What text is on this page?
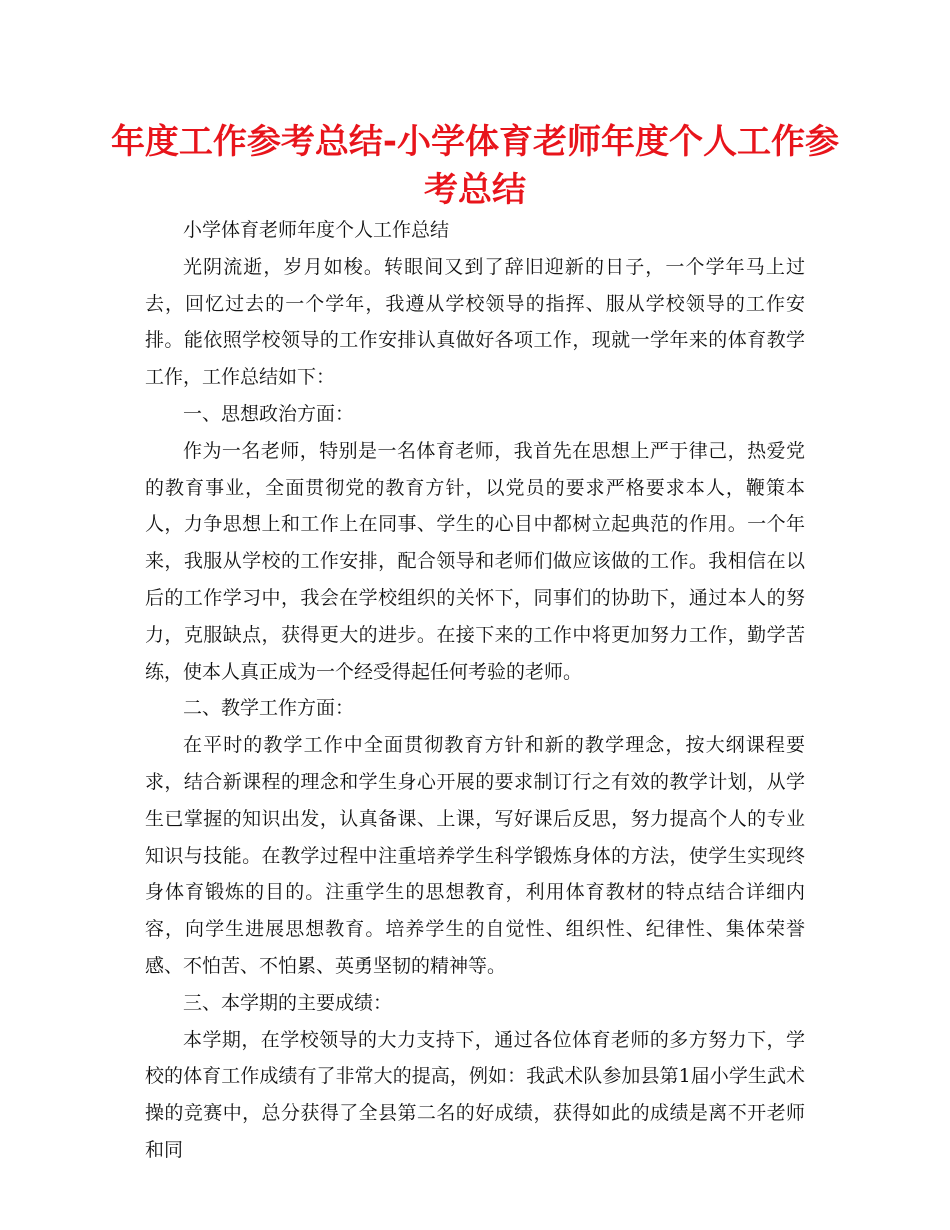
年度工作参考总结-小学体育老师年度个人工作参考总结

小学体育老师年度个人工作总结

光阴流逝，岁月如梭。转眼间又到了辞旧迎新的日子，一个学年马上过去，回忆过去的一个学年，我遵从学校领导的指挥、服从学校领导的工作安排。能依照学校领导的工作安排认真做好各项工作，现就一学年来的体育教学工作，工作总结如下：

一、思想政治方面：

作为一名老师，特别是一名体育老师，我首先在思想上严于律己，热爱党的教育事业，全面贯彻党的教育方针，以党员的要求严格要求本人，鞭策本人，力争思想上和工作上在同事、学生的心目中都树立起典范的作用。一个年来，我服从学校的工作安排，配合领导和老师们做应该做的工作。我相信在以后的工作学习中，我会在学校组织的关怀下，同事们的协助下，通过本人的努力，克服缺点，获得更大的进步。在接下来的工作中将更加努力工作，勤学苦练，使本人真正成为一个经受得起任何考验的老师。

二、教学工作方面：

在平时的教学工作中全面贯彻教育方针和新的教学理念，按大纲课程要求，结合新课程的理念和学生身心开展的要求制订行之有效的教学计划，从学生已掌握的知识出发，认真备课、上课，写好课后反思，努力提高个人的专业知识与技能。在教学过程中注重培养学生科学锻炼身体的方法，使学生实现终身体育锻炼的目的。注重学生的思想教育，利用体育教材的特点结合详细内容，向学生进展思想教育。培养学生的自觉性、组织性、纪律性、集体荣誉感、不怕苦、不怕累、英勇坚韧的精神等。

三、本学期的主要成绩：

本学期，在学校领导的大力支持下，通过各位体育老师的多方努力下，学校的体育工作成绩有了非常大的提高，例如：我武术队参加县第1届小学生武术操的竞赛中，总分获得了全县第二名的好成绩，获得如此的成绩是离不开老师和同
